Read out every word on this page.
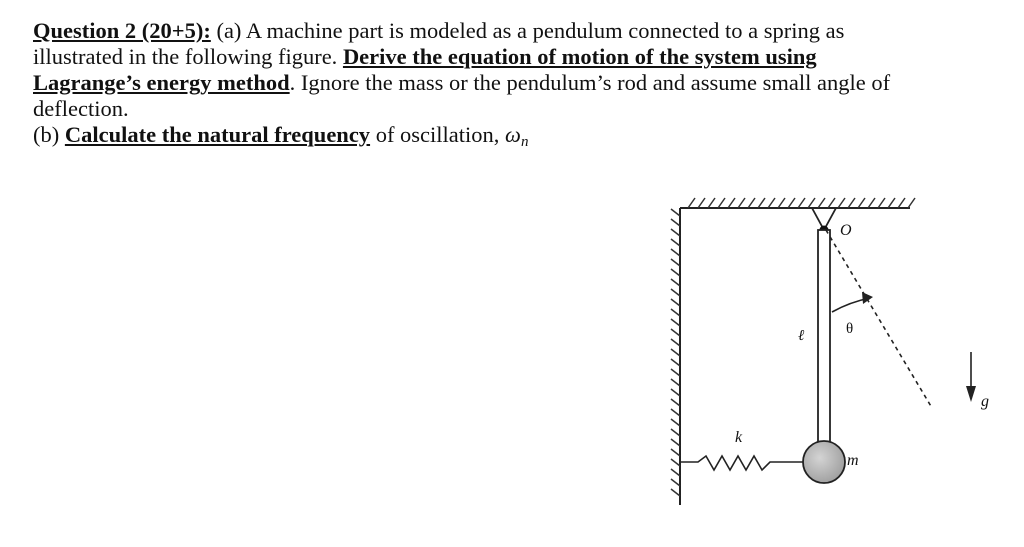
Question 2 (20+5): (a) A machine part is modeled as a pendulum connected to a spring as

illustrated in the following figure. Derive the equation of motion of the system using

Lagrange’s energy method. Ignore the mass or the pendulum’s rod and assume small angle of

deflection.

(b) Calculate the natural frequency of oscillation, $\omega_n$

O
θ
ℓ
k
m
g
